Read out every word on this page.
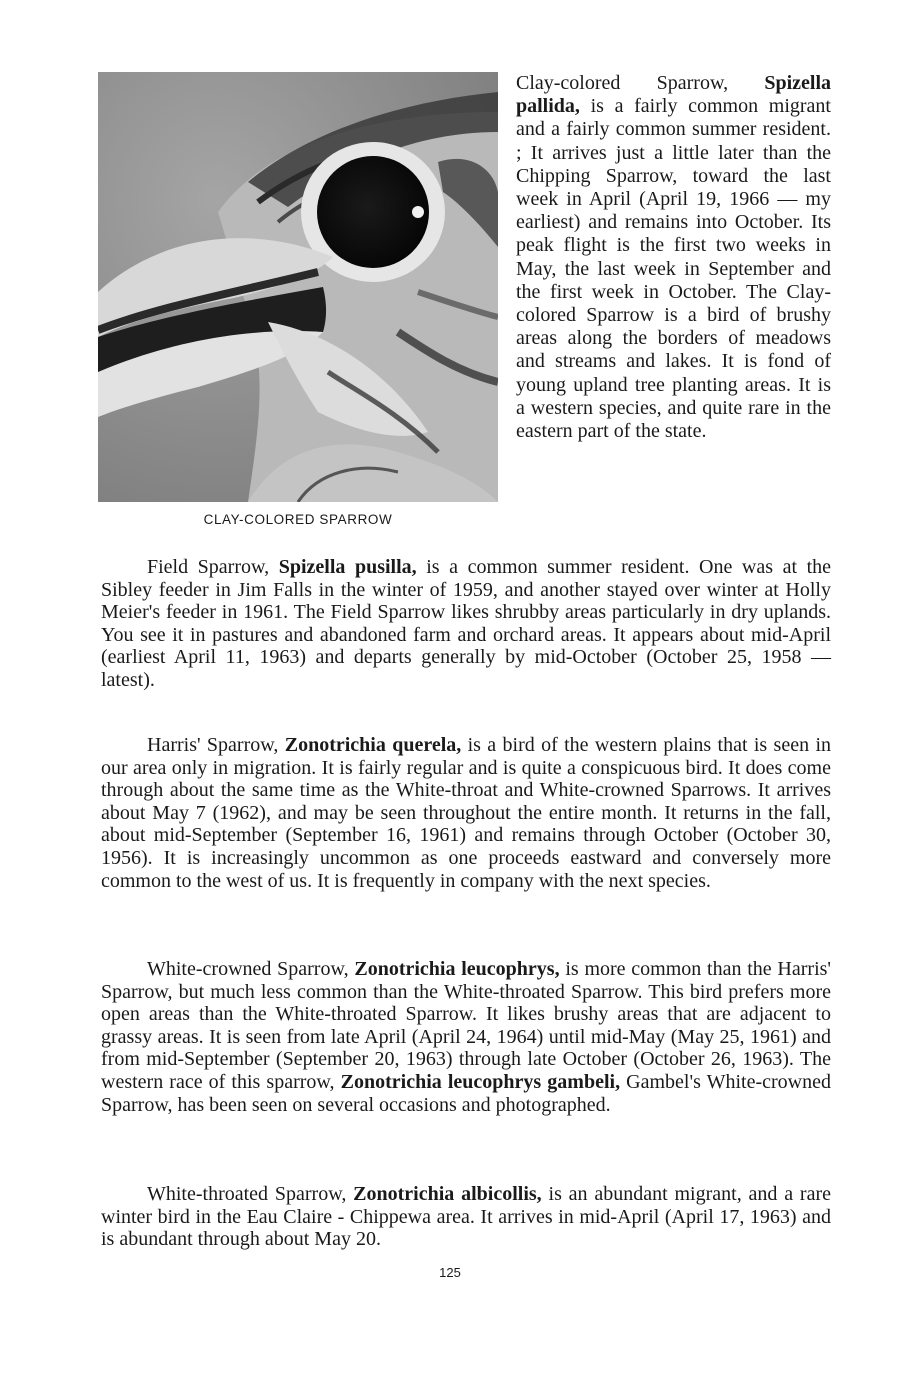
CLAY-COLORED SPARROW

Clay-colored Sparrow, Spizella pallida, is a fairly common migrant and a fairly common summer resident. ; It arrives just a little later than the Chipping Sparrow, toward the last week in April (April 19, 1966 — my earliest) and remains into October. Its peak flight is the first two weeks in May, the last week in September and the first week in October. The Clay-colored Sparrow is a bird of brushy areas along the borders of meadows and streams and lakes. It is fond of young upland tree planting areas. It is a western species, and quite rare in the eastern part of the state.

Field Sparrow, Spizella pusilla, is a common summer resident. One was at the Sibley feeder in Jim Falls in the winter of 1959, and another stayed over winter at Holly Meier's feeder in 1961. The Field Sparrow likes shrubby areas particularly in dry uplands. You see it in pastures and abandoned farm and orchard areas. It appears about mid-April (earliest April 11, 1963) and departs generally by mid-October (October 25, 1958 — latest).

Harris' Sparrow, Zonotrichia querela, is a bird of the western plains that is seen in our area only in migration. It is fairly regular and is quite a conspicuous bird. It does come through about the same time as the White-throat and White-crowned Sparrows. It arrives about May 7 (1962), and may be seen throughout the entire month. It returns in the fall, about mid-September (September 16, 1961) and remains through October (October 30, 1956). It is increasingly uncommon as one proceeds eastward and conversely more common to the west of us. It is frequently in company with the next species.

White-crowned Sparrow, Zonotrichia leucophrys, is more common than the Harris' Sparrow, but much less common than the White-throated Sparrow. This bird prefers more open areas than the White-throated Sparrow. It likes brushy areas that are adjacent to grassy areas. It is seen from late April (April 24, 1964) until mid-May (May 25, 1961) and from mid-September (September 20, 1963) through late October (October 26, 1963). The western race of this sparrow, Zonotrichia leucophrys gambeli, Gambel's White-crowned Sparrow, has been seen on several occasions and photographed.

White-throated Sparrow, Zonotrichia albicollis, is an abundant migrant, and a rare winter bird in the Eau Claire - Chippewa area. It arrives in mid-April (April 17, 1963) and is abundant through about May 20.

125
